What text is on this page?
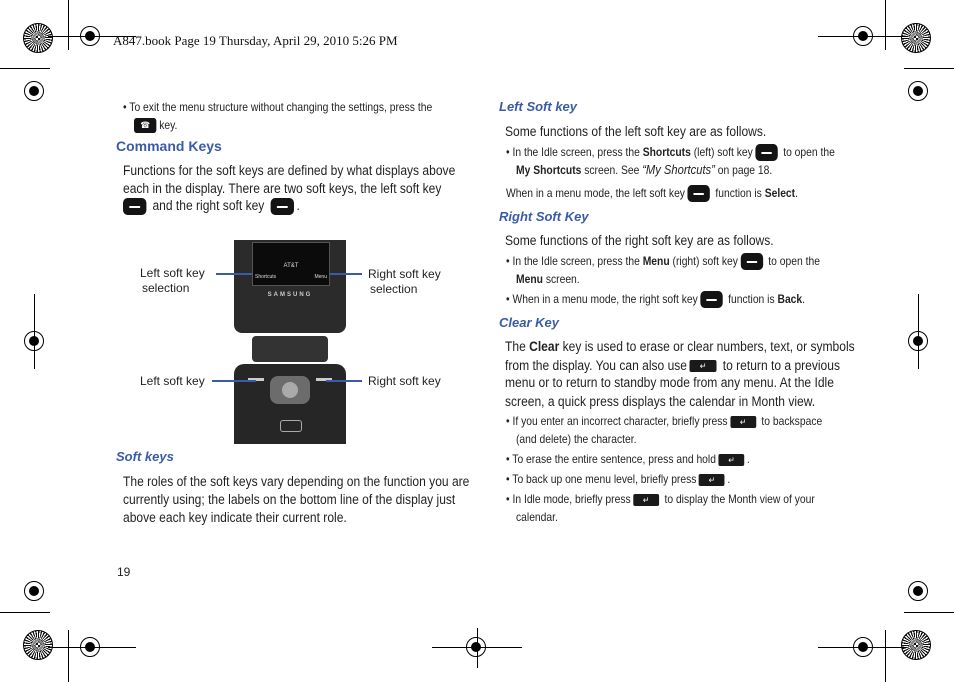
A847.book Page 19 Thursday, April 29, 2010 5:26 PM
• To exit the menu structure without changing the settings, press the
☎ key.
Command Keys
Functions for the soft keys are defined by what displays above
each in the display. There are two soft keys, the left soft key
and the right soft key .
AT&T
Shortcuts	Menu
SAMSUNG
Left soft key
selection
Right soft key
selection
Left soft key	Right soft key
Soft keys
The roles of the soft keys vary depending on the function you are
currently using; the labels on the bottom line of the display just
above each key indicate their current role.
19
Left Soft key
Some functions of the left soft key are as follows.
• In the Idle screen, press the Shortcuts (left) soft key to open the
My Shortcuts screen. See “My Shortcuts” on page 18.
When in a menu mode, the left soft key function is Select.
Right Soft Key
Some functions of the right soft key are as follows.
• In the Idle screen, press the Menu (right) soft key to open the
Menu screen.
• When in a menu mode, the right soft key function is Back.
Clear Key
The Clear key is used to erase or clear numbers, text, or symbols
from the display. You can also use ↵ to return to a previous
menu or to return to standby mode from any menu. At the Idle
screen, a quick press displays the calendar in Month view.
• If you enter an incorrect character, briefly press ↵ to backspace
(and delete) the character.
• To erase the entire sentence, press and hold ↵ .
• To back up one menu level, briefly press ↵ .
• In Idle mode, briefly press ↵ to display the Month view of your
calendar.
